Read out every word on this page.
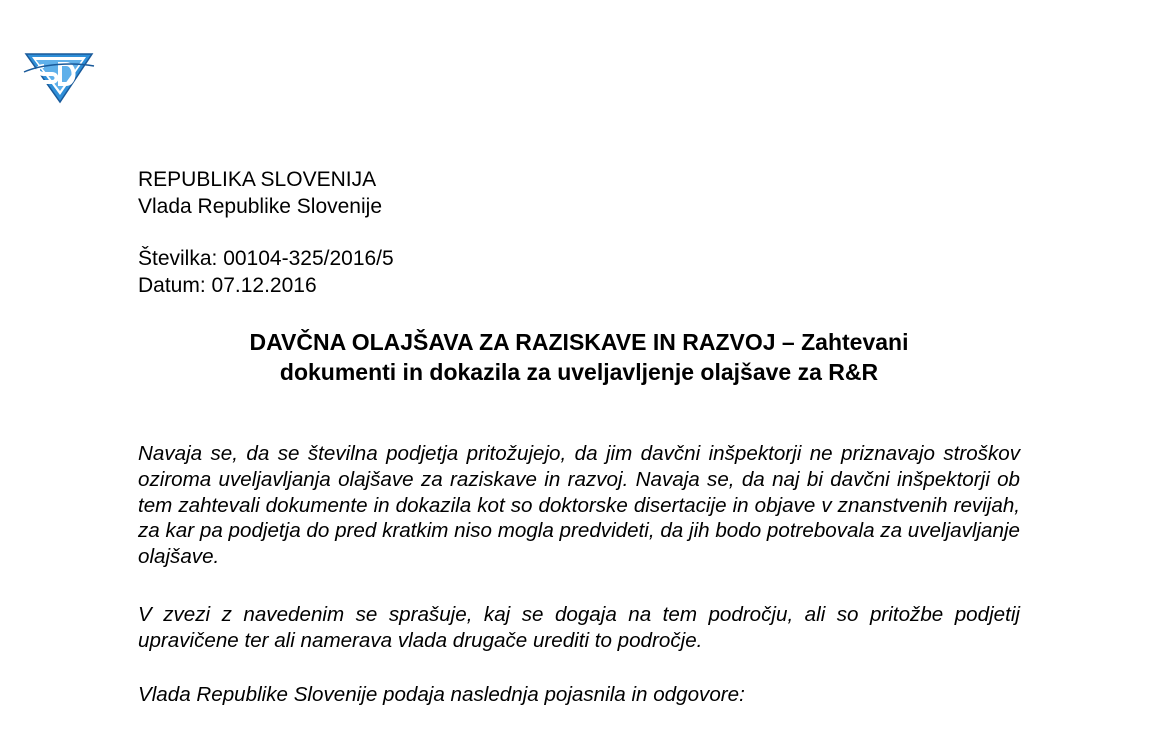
REPUBLIKA SLOVENIJA
Vlada Republike Slovenije
Številka: 00104-325/2016/5
Datum: 07.12.2016
DAVČNA OLAJŠAVA ZA RAZISKAVE IN RAZVOJ – Zahtevani
dokumenti in dokazila za uveljavljenje olajšave za R&R

Navaja se, da se številna podjetja pritožujejo, da jim davčni inšpektorji ne priznavajo stroškov oziroma uveljavljanja olajšave za raziskave in razvoj. Navaja se, da naj bi davčni inšpektorji ob tem zahtevali dokumente in dokazila kot so doktorske disertacije in objave v znanstvenih revijah, za kar pa podjetja do pred kratkim niso mogla predvideti, da jih bodo potrebovala za uveljavljanje olajšave.

V zvezi z navedenim se sprašuje, kaj se dogaja na tem področju, ali so pritožbe podjetij upravičene ter ali namerava vlada drugače urediti to področje.

Vlada Republike Slovenije podaja naslednja pojasnila in odgovore:
